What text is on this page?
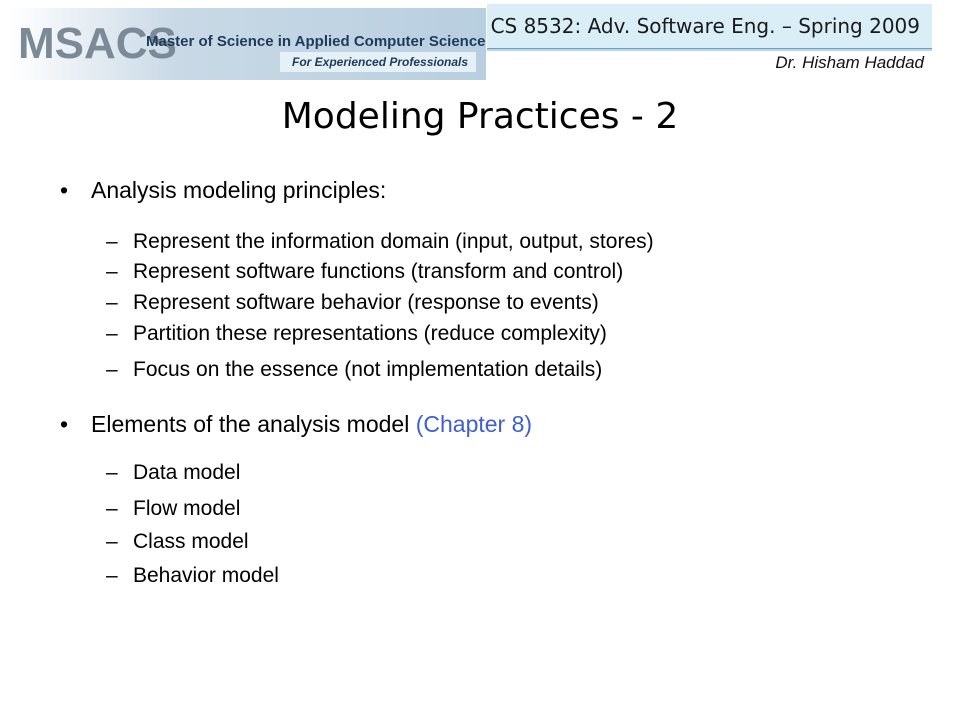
MSACS
Master of Science in Applied Computer Science
For Experienced Professionals
CS 8532: Adv. Software Eng. – Spring 2009
Dr. Hisham Haddad
Modeling Practices - 2
• Analysis modeling principles:
– Represent the information domain (input, output, stores)
– Represent software functions (transform and control)
– Represent software behavior (response to events)
– Partition these representations (reduce complexity)
– Focus on the essence (not implementation details)
• Elements of the analysis model (Chapter 8)
– Data model
– Flow model
– Class model
– Behavior model
